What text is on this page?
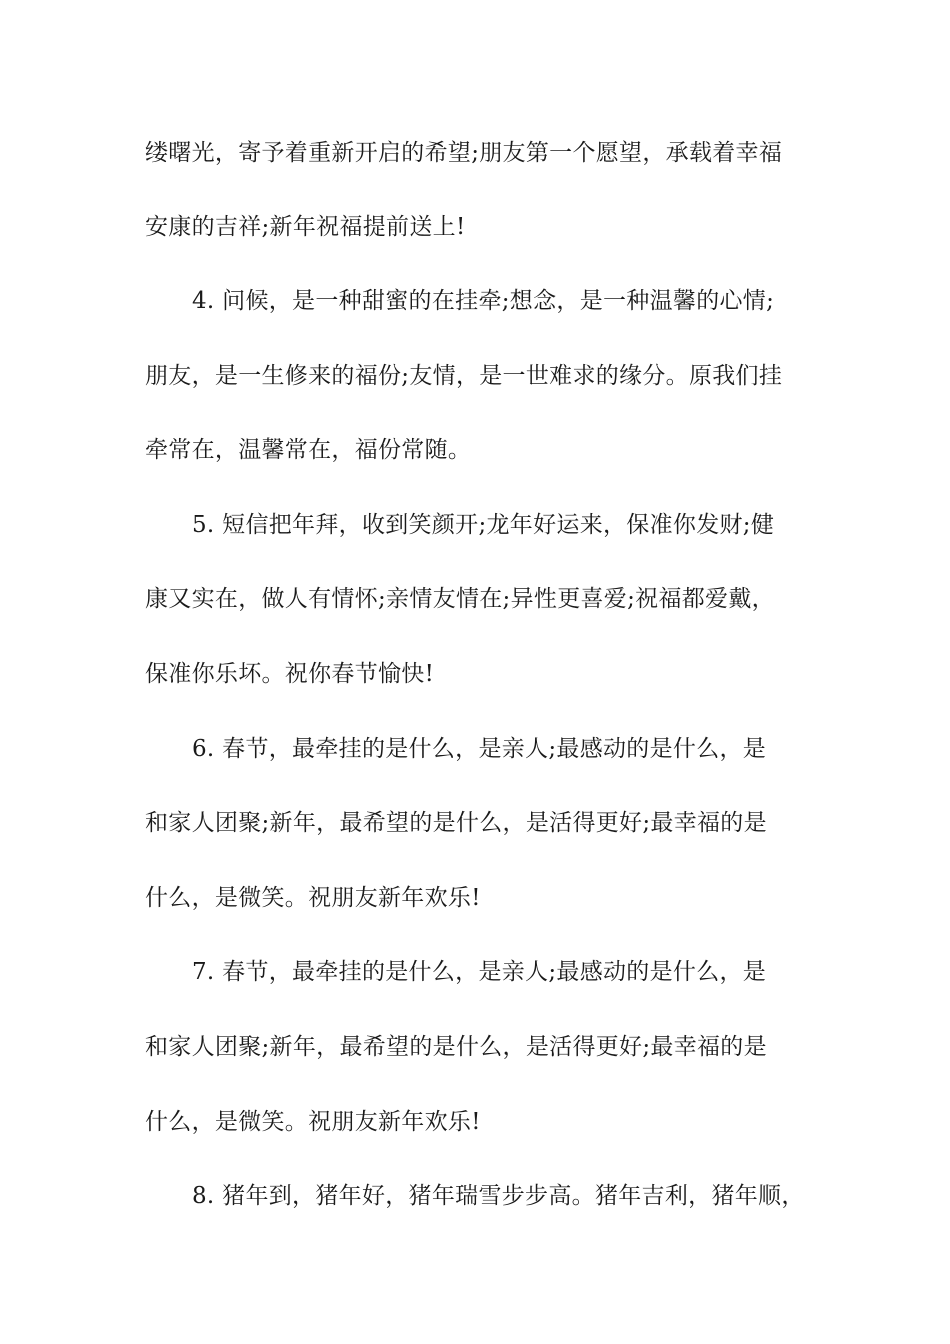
缕曙光，寄予着重新开启的希望;朋友第一个愿望，承载着幸福
安康的吉祥;新年祝福提前送上!
4. 问候，是一种甜蜜的在挂牵;想念，是一种温馨的心情;
朋友，是一生修来的福份;友情，是一世难求的缘分。原我们挂
牵常在，温馨常在，福份常随。
5. 短信把年拜，收到笑颜开;龙年好运来，保准你发财;健
康又实在，做人有情怀;亲情友情在;异性更喜爱;祝福都爱戴，
保准你乐坏。祝你春节愉快!
6. 春节，最牵挂的是什么，是亲人;最感动的是什么，是
和家人团聚;新年，最希望的是什么，是活得更好;最幸福的是
什么，是微笑。祝朋友新年欢乐!
7. 春节，最牵挂的是什么，是亲人;最感动的是什么，是
和家人团聚;新年，最希望的是什么，是活得更好;最幸福的是
什么，是微笑。祝朋友新年欢乐!
8. 猪年到，猪年好，猪年瑞雪步步高。猪年吉利，猪年顺，
